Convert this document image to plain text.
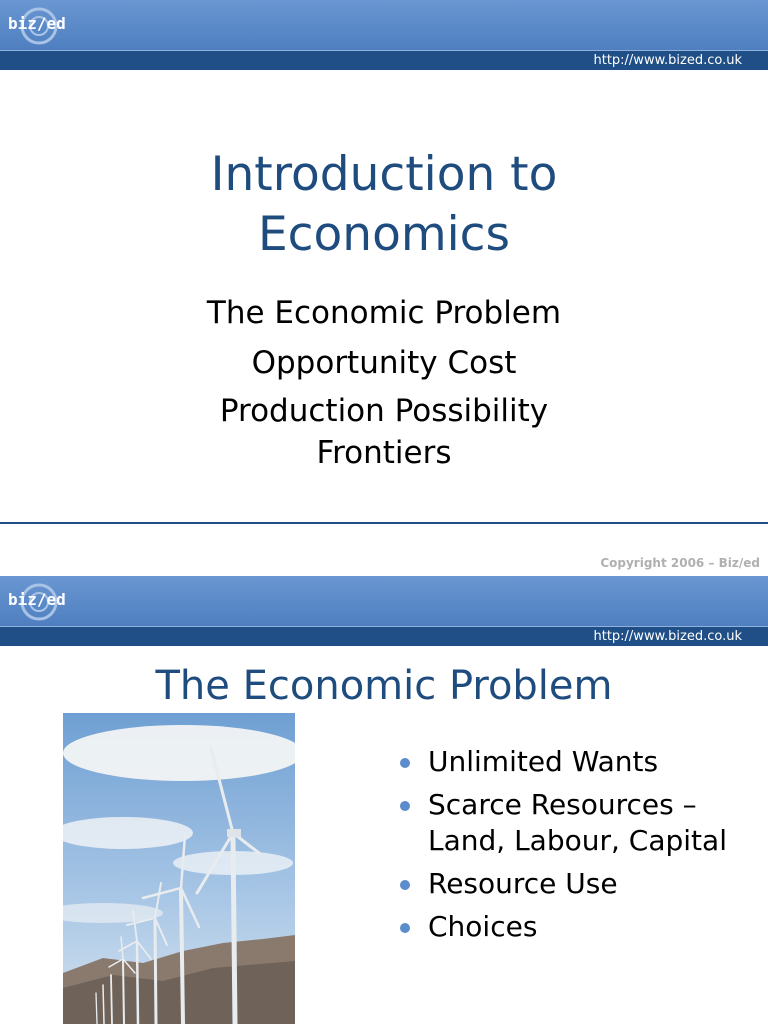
biz/ed
http://www.bized.co.uk
Introduction to
Economics
The Economic Problem
Opportunity Cost
Production Possibility Frontiers
Copyright 2006 – Biz/ed
biz/ed
http://www.bized.co.uk
The Economic Problem
Unlimited Wants
Scarce Resources – Land, Labour, Capital
Resource Use
Choices
